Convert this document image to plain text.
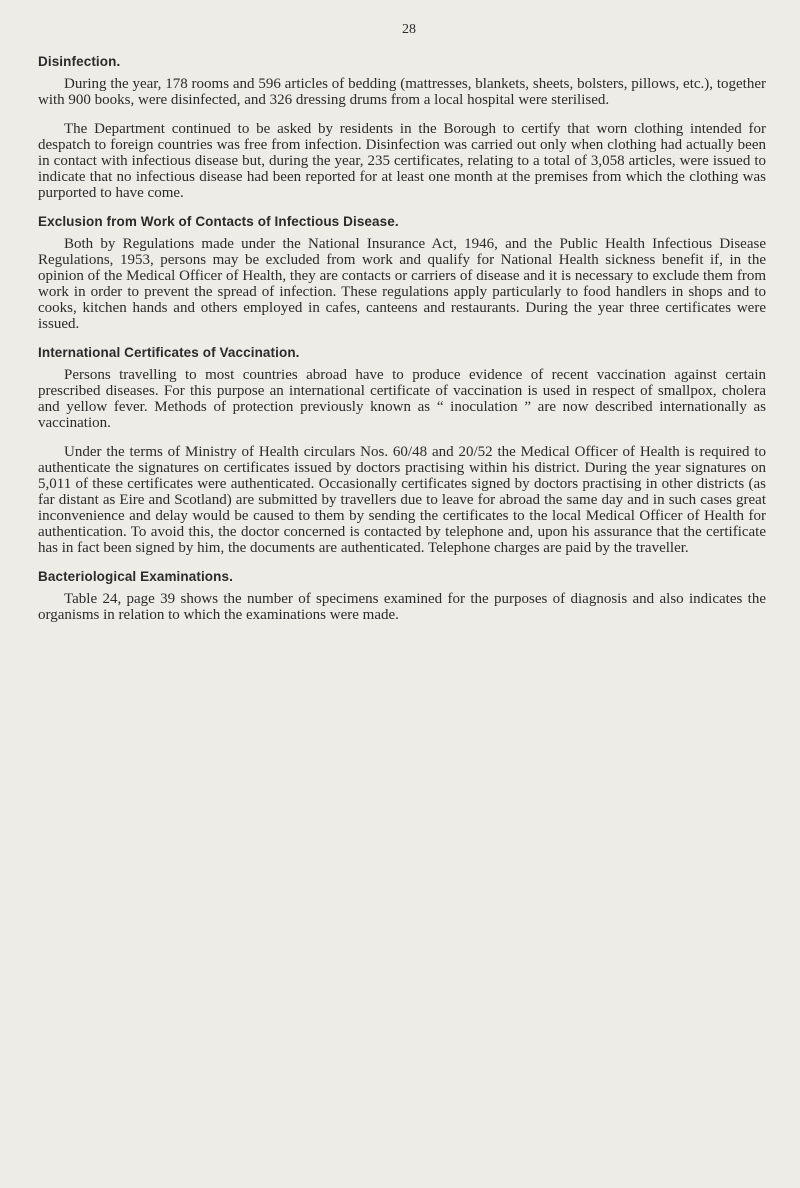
28
Disinfection.

During the year, 178 rooms and 596 articles of bedding (mattresses, blankets, sheets, bolsters, pillows, etc.), together with 900 books, were disinfected, and 326 dressing drums from a local hospital were sterilised.

The Department continued to be asked by residents in the Borough to certify that worn clothing intended for despatch to foreign countries was free from infection. Disinfection was carried out only when clothing had actually been in contact with infectious disease but, during the year, 235 certificates, relating to a total of 3,058 articles, were issued to indicate that no infectious disease had been reported for at least one month at the premises from which the clothing was purported to have come.

Exclusion from Work of Contacts of Infectious Disease.

Both by Regulations made under the National Insurance Act, 1946, and the Public Health Infectious Disease Regulations, 1953, persons may be excluded from work and qualify for National Health sickness benefit if, in the opinion of the Medical Officer of Health, they are contacts or carriers of disease and it is necessary to exclude them from work in order to prevent the spread of infection. These regulations apply particularly to food handlers in shops and to cooks, kitchen hands and others employed in cafes, canteens and restaurants. During the year three certificates were issued.

International Certificates of Vaccination.

Persons travelling to most countries abroad have to produce evidence of recent vaccination against certain prescribed diseases. For this purpose an international certificate of vaccination is used in respect of smallpox, cholera and yellow fever. Methods of protection previously known as “ inoculation ” are now described internationally as vaccination.

Under the terms of Ministry of Health circulars Nos. 60/48 and 20/52 the Medical Officer of Health is required to authenticate the signatures on certificates issued by doctors practising within his district. During the year signatures on 5,011 of these certificates were authenticated. Occasionally certificates signed by doctors practising in other districts (as far distant as Eire and Scotland) are submitted by travellers due to leave for abroad the same day and in such cases great inconvenience and delay would be caused to them by sending the certificates to the local Medical Officer of Health for authentication. To avoid this, the doctor concerned is contacted by telephone and, upon his assurance that the certificate has in fact been signed by him, the documents are authenticated. Telephone charges are paid by the traveller.

Bacteriological Examinations.

Table 24, page 39 shows the number of specimens examined for the purposes of diagnosis and also indicates the organisms in relation to which the examinations were made.
